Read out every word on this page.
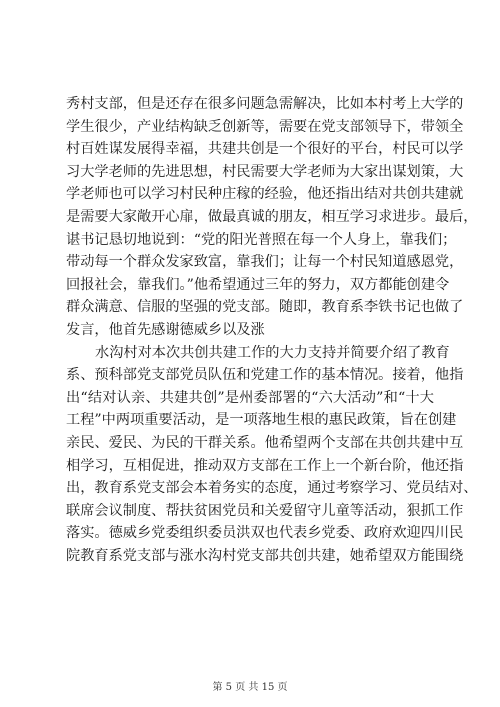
秀村支部，但是还存在很多问题急需解决，比如本村考上大学的
学生很少，产业结构缺乏创新等，需要在党支部领导下，带领全
村百姓谋发展得幸福，共建共创是一个很好的平台，村民可以学
习大学老师的先进思想，村民需要大学老师为大家出谋划策，大
学老师也可以学习村民种庄稼的经验，他还指出结对共创共建就
是需要大家敞开心扉，做最真诚的朋友，相互学习求进步。最后，
谌书记恳切地说到：“党的阳光普照在每一个人身上，靠我们；
带动每一个群众发家致富，靠我们；让每一个村民知道感恩党，
回报社会，靠我们。”他希望通过三年的努力，双方都能创建令
群众满意、信服的坚强的党支部。随即，教育系李铁书记也做了
发言，他首先感谢德威乡以及涨
水沟村对本次共创共建工作的大力支持并简要介绍了教育
系、预科部党支部党员队伍和党建工作的基本情况。接着，他指
出“结对认亲、共建共创”是州委部署的“六大活动”和“十大
工程”中两项重要活动，是一项落地生根的惠民政策，旨在创建
亲民、爱民、为民的干群关系。他希望两个支部在共创共建中互
相学习，互相促进，推动双方支部在工作上一个新台阶，他还指
出，教育系党支部会本着务实的态度，通过考察学习、党员结对、
联席会议制度、帮扶贫困党员和关爱留守儿童等活动，狠抓工作
落实。德威乡党委组织委员洪双也代表乡党委、政府欢迎四川民
院教育系党支部与涨水沟村党支部共创共建，她希望双方能围绕
第 5 页 共 15 页
